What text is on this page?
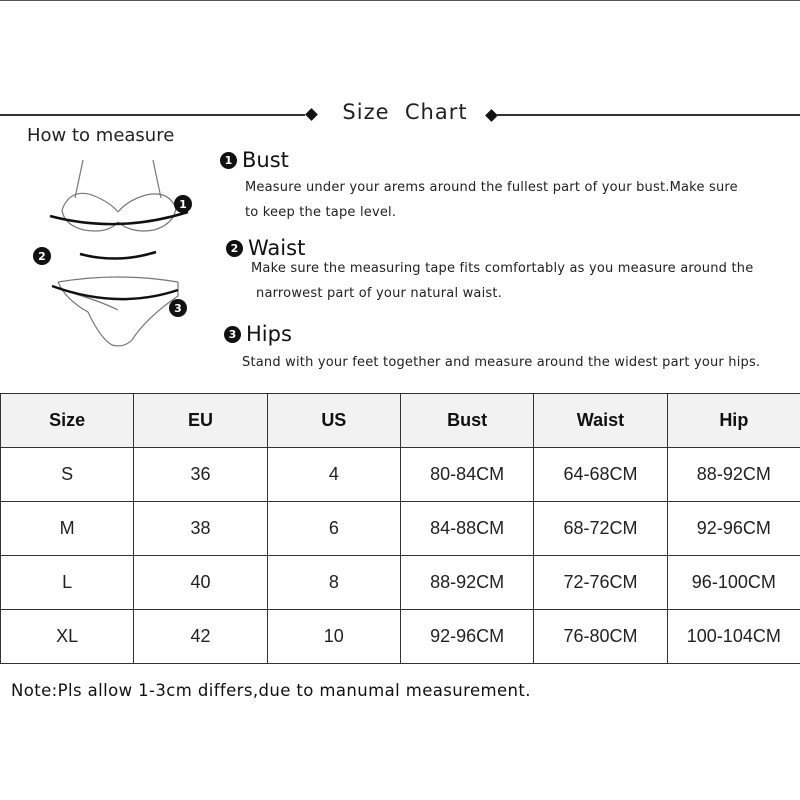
Size  Chart
How to measure
1
2
3
1 Bust
Measure under your arems around the fullest part of your bust.Make sure
to keep the tape level.
2 Waist
Make sure the measuring tape fits comfortably as you measure around the
narrowest part of your natural waist.
3 Hips
Stand with your feet together and measure around the widest part your hips.
Size	EU	US	Bust	Waist	Hip
S	36	4	80-84CM	64-68CM	88-92CM
M	38	6	84-88CM	68-72CM	92-96CM
L	40	8	88-92CM	72-76CM	96-100CM
XL	42	10	92-96CM	76-80CM	100-104CM
Note:Pls allow 1-3cm differs,due to manumal measurement.
